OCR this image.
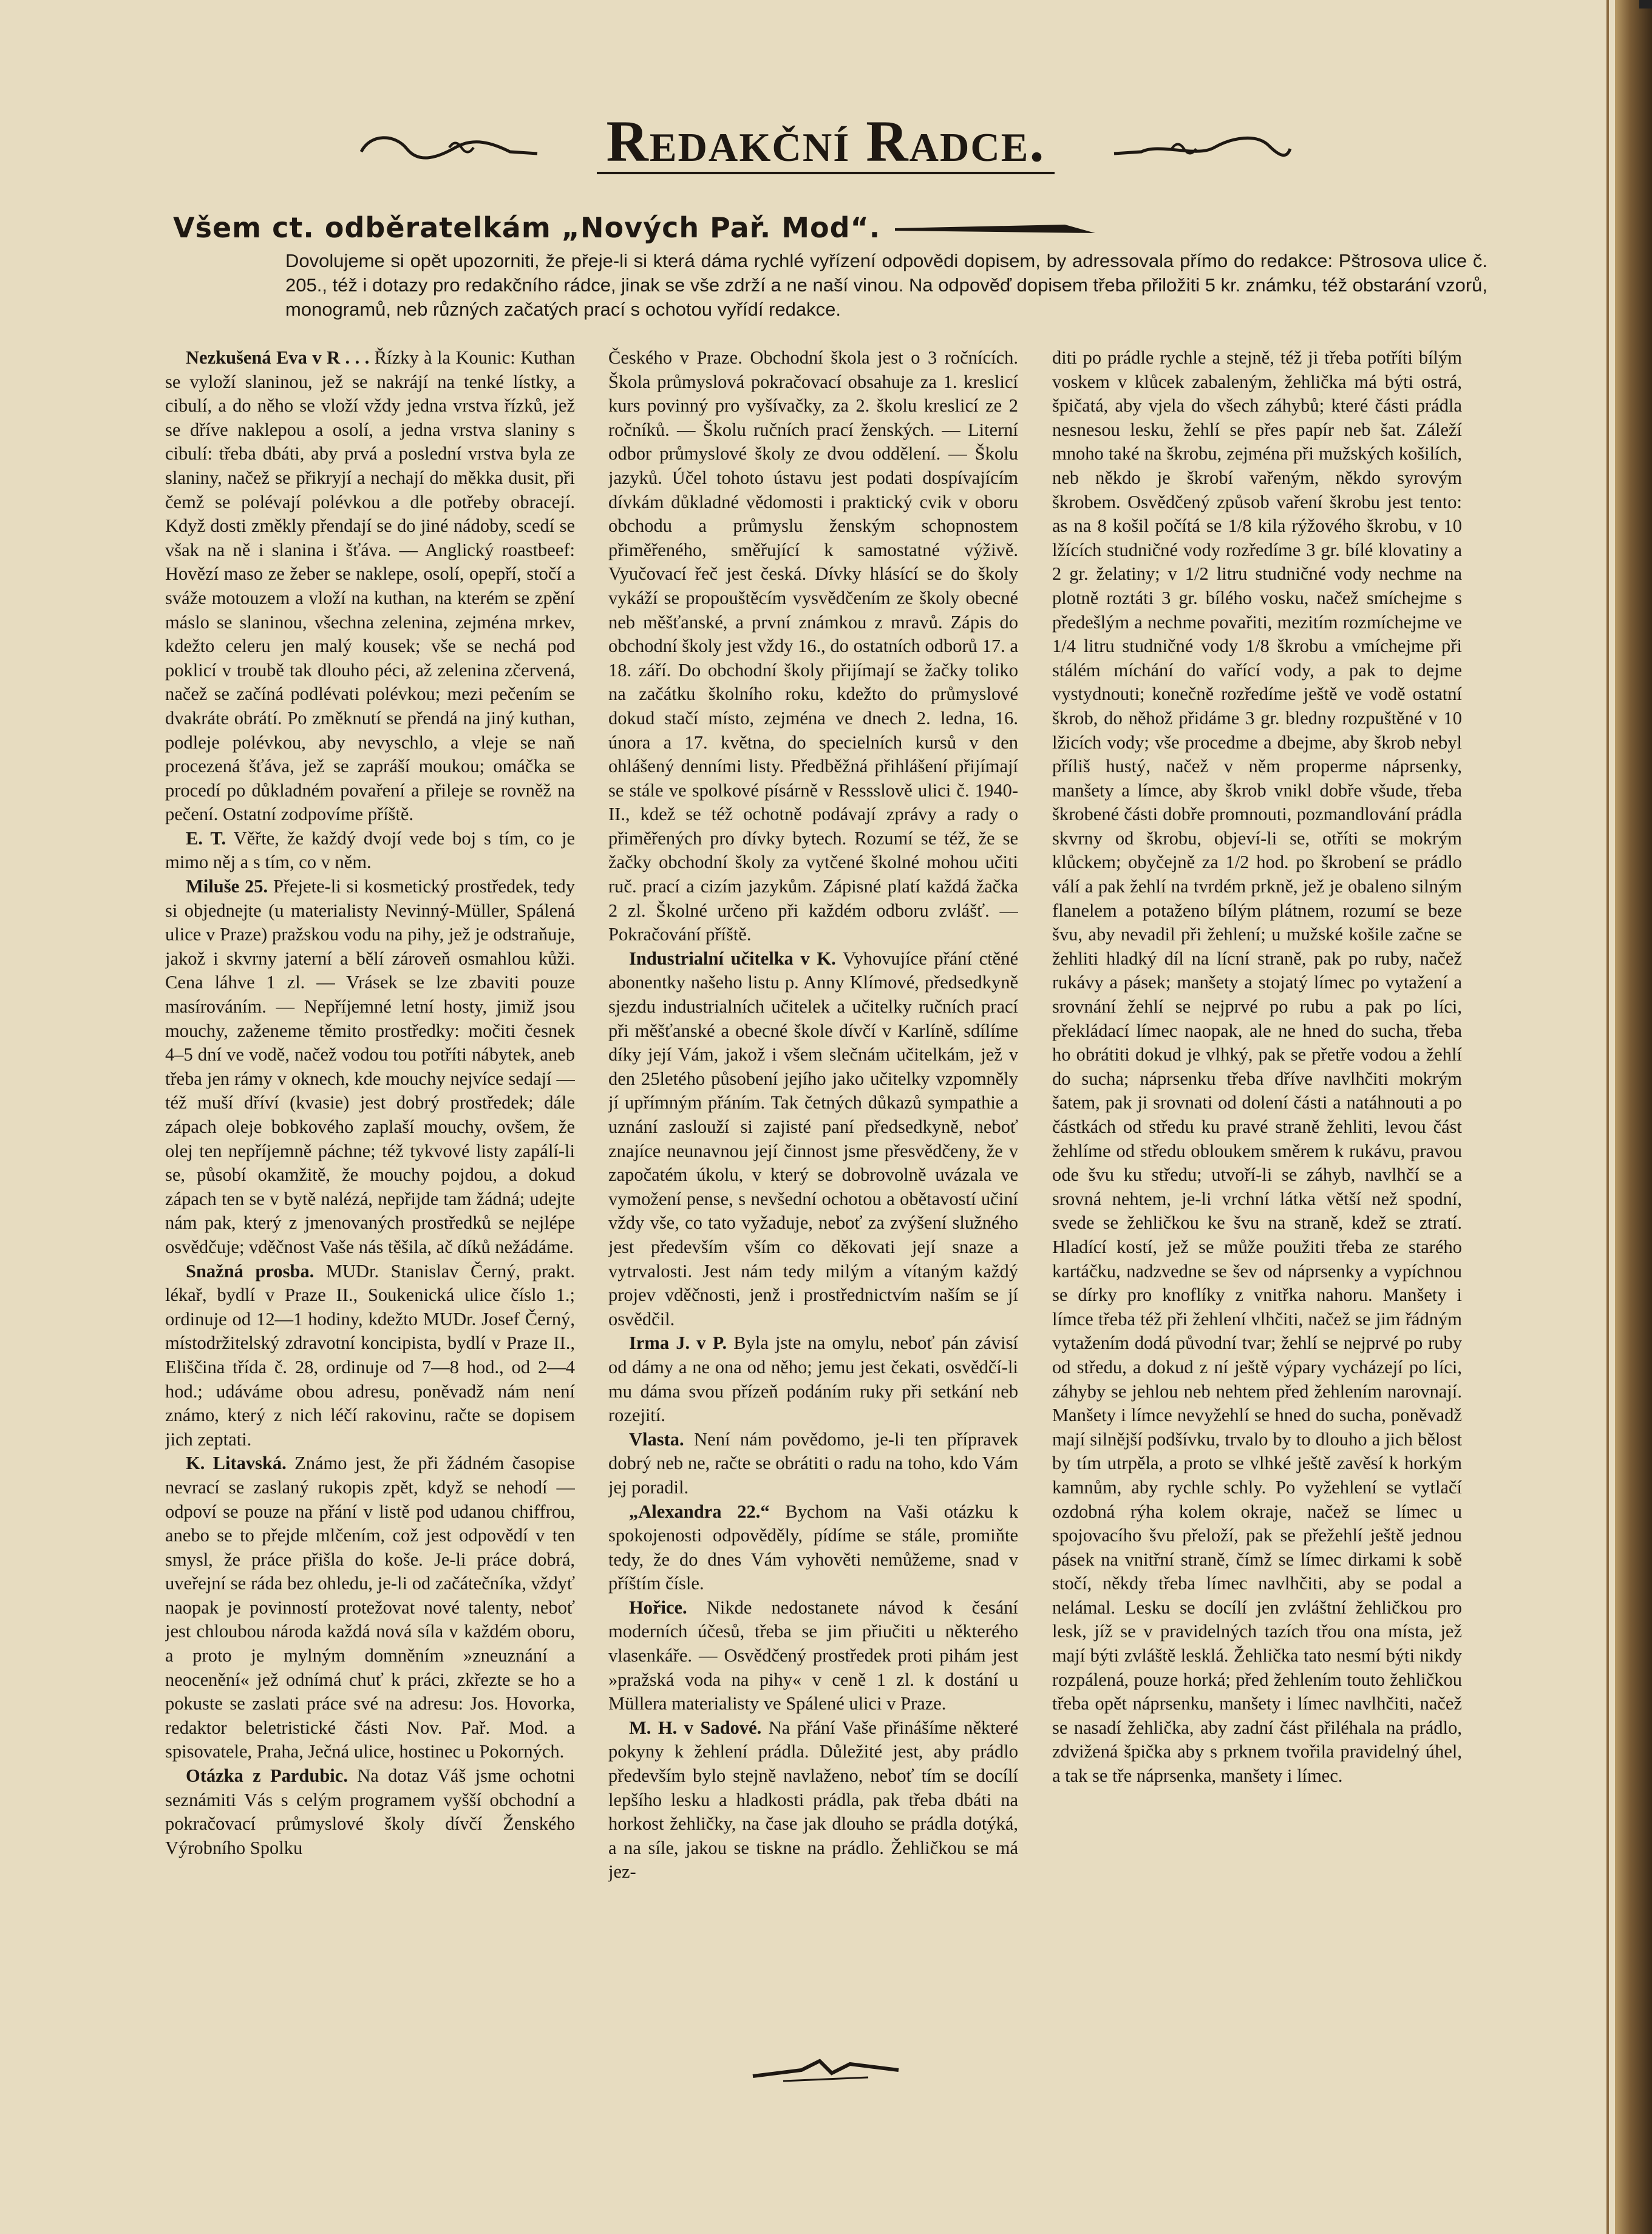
Redakční Radce.
Všem ct. odběratelkám „Nových Pař. Mod“.

Dovolujeme si opět upozorniti, že přeje-li si která dáma rychlé vyřízení odpovědi dopisem, by adressovala přímo do redakce: Pštrosova ulice č. 205., též i dotazy pro redakčního rádce, jinak se vše zdrží a ne naší vinou. Na odpověď dopisem třeba přiložiti 5 kr. známku, též obstarání vzorů, monogramů, neb různých začatých prací s ochotou vyřídí redakce.

Nezkušená Eva v R . . . Řízky à la Kounic: Kuthan se vyloží slaninou, jež se nakrájí na tenké lístky, a cibulí, a do něho se vloží vždy jedna vrstva řízků, jež se dříve naklepou a osolí, a jedna vrstva slaniny s cibulí: třeba dbáti, aby prvá a poslední vrstva byla ze slaniny, načež se přikryjí a nechají do měkka dusit, při čemž se polévají polévkou a dle potřeby obracejí. Když dosti změkly přendají se do jiné nádoby, scedí se však na ně i slanina i šťáva. — Anglický roastbeef: Hovězí maso ze žeber se naklepe, osolí, opepří, stočí a sváže motouzem a vloží na kuthan, na kterém se zpění máslo se slaninou, všechna zelenina, zejména mrkev, kdežto celeru jen malý kousek; vše se nechá pod poklicí v troubě tak dlouho péci, až zelenina zčervená, načež se začíná podlévati polévkou; mezi pečením se dvakráte obrátí. Po změknutí se přendá na jiný kuthan, podleje polévkou, aby nevyschlo, a vleje se naň procezená šťáva, jež se zapráší moukou; omáčka se procedí po důkladném povaření a přileje se rovněž na pečení. Ostatní zodpovíme příště.

E. T. Věřte, že každý dvojí vede boj s tím, co je mimo něj a s tím, co v něm.

Miluše 25. Přejete-li si kosmetický prostředek, tedy si objednejte (u materialisty Nevinný-Müller, Spálená ulice v Praze) pražskou vodu na pihy, jež je odstraňuje, jakož i skvrny jaterní a bělí zároveň osmahlou kůži. Cena láhve 1 zl. — Vrásek se lze zbaviti pouze masírováním. — Nepříjemné letní hosty, jimiž jsou mouchy, zaženeme těmito prostředky: močiti česnek 4–5 dní ve vodě, načež vodou tou potříti nábytek, aneb třeba jen rámy v oknech, kde mouchy nejvíce sedají — též muší dříví (kvasie) jest dobrý prostředek; dále zápach oleje bobkového zaplaší mouchy, ovšem, že olej ten nepříjemně páchne; též tykvové listy zapálí-li se, působí okamžitě, že mouchy pojdou, a dokud zápach ten se v bytě nalézá, nepřijde tam žádná; udejte nám pak, který z jmenovaných prostředků se nejlépe osvědčuje; vděčnost Vaše nás těšila, ač díků nežádáme.

Snažná prosba. MUDr. Stanislav Černý, prakt. lékař, bydlí v Praze II., Soukenická ulice číslo 1.; ordinuje od 12—1 hodiny, kdežto MUDr. Josef Černý, místodržitelský zdravotní koncipista, bydlí v Praze II., Eliščina třída č. 28, ordinuje od 7—8 hod., od 2—4 hod.; udáváme obou adresu, poněvadž nám není známo, který z nich léčí rakovinu, račte se dopisem jich zeptati.

K. Litavská. Známo jest, že při žádném časopise nevrací se zaslaný rukopis zpět, když se nehodí — odpoví se pouze na přání v listě pod udanou chiffrou, anebo se to přejde mlčením, což jest odpovědí v ten smysl, že práce přišla do koše. Je-li práce dobrá, uveřejní se ráda bez ohledu, je-li od začátečníka, vždyť naopak je povinností protežovat nové talenty, neboť jest chloubou národa každá nová síla v každém oboru, a proto je mylným domněním »zneuznání a neocenění« jež odnímá chuť k práci, zkřezte se ho a pokuste se zaslati práce své na adresu: Jos. Hovorka, redaktor beletristické části Nov. Pař. Mod. a spisovatele, Praha, Ječná ulice, hostinec u Pokorných.

Otázka z Pardubic. Na dotaz Váš jsme ochotni seznámiti Vás s celým programem vyšší obchodní a pokračovací průmyslové školy dívčí Ženského Výrobního Spolku

Českého v Praze. Obchodní škola jest o 3 ročnících. Škola průmyslová pokračovací obsahuje za 1. kreslicí kurs povinný pro vyšívačky, za 2. školu kreslicí ze 2 ročníků. — Školu ručních prací ženských. — Literní odbor průmyslové školy ze dvou oddělení. — Školu jazyků. Účel tohoto ústavu jest podati dospívajícím dívkám důkladné vědomosti i praktický cvik v oboru obchodu a průmyslu ženským schopnostem přiměřeného, směřující k samostatné výživě. Vyučovací řeč jest česká. Dívky hlásící se do školy vykáží se propouštěcím vysvědčením ze školy obecné neb měšťanské, a první známkou z mravů. Zápis do obchodní školy jest vždy 16., do ostatních odborů 17. a 18. září. Do obchodní školy přijímají se žačky toliko na začátku školního roku, kdežto do průmyslové dokud stačí místo, zejména ve dnech 2. ledna, 16. února a 17. května, do specielních kursů v den ohlášený denními listy. Předběžná přihlášení přijímají se stále ve spolkové písárně v Ressslově ulici č. 1940-II., kdež se též ochotně podávají zprávy a rady o přiměřených pro dívky bytech. Rozumí se též, že se žačky obchodní školy za vytčené školné mohou učiti ruč. prací a cizím jazykům. Zápisné platí každá žačka 2 zl. Školné určeno při každém odboru zvlášť. — Pokračování příště.

Industrialní učitelka v K. Vyhovujíce přání ctěné abonentky našeho listu p. Anny Klímové, předsedkyně sjezdu industrialních učitelek a učitelky ručních prací při měšťanské a obecné škole dívčí v Karlíně, sdílíme díky její Vám, jakož i všem slečnám učitelkám, jež v den 25letého působení jejího jako učitelky vzpomněly jí upřímným přáním. Tak četných důkazů sympathie a uznání zaslouží si zajisté paní předsedkyně, neboť znajíce neunavnou její činnost jsme přesvědčeny, že v započatém úkolu, v který se dobrovolně uvázala ve vymožení pense, s nevšední ochotou a obětavostí učiní vždy vše, co tato vyžaduje, neboť za zvýšení služného jest především vším co děkovati její snaze a vytrvalosti. Jest nám tedy milým a vítaným každý projev vděčnosti, jenž i prostřednictvím naším se jí osvědčil.

Irma J. v P. Byla jste na omylu, neboť pán závisí od dámy a ne ona od něho; jemu jest čekati, osvědčí-li mu dáma svou přízeň podáním ruky při setkání neb rozejití.

Vlasta. Není nám povědomo, je-li ten přípravek dobrý neb ne, račte se obrátiti o radu na toho, kdo Vám jej poradil.

„Alexandra 22.“ Bychom na Vaši otázku k spokojenosti odpověděly, pídíme se stále, promiňte tedy, že do dnes Vám vyhověti nemůžeme, snad v příštím čísle.

Hořice. Nikde nedostanete návod k česání moderních účesů, třeba se jim přiučiti u některého vlasenkáře. — Osvědčený prostředek proti pihám jest »pražská voda na pihy« v ceně 1 zl. k dostání u Müllera materialisty ve Spálené ulici v Praze.

M. H. v Sadové. Na přání Vaše přinášíme některé pokyny k žehlení prádla. Důležité jest, aby prádlo především bylo stejně navlaženo, neboť tím se docílí lepšího lesku a hladkosti prádla, pak třeba dbáti na horkost žehličky, na čase jak dlouho se prádla dotýká, a na síle, jakou se tiskne na prádlo. Žehličkou se má jez-

diti po prádle rychle a stejně, též ji třeba potříti bílým voskem v klůcek zabaleným, žehlička má býti ostrá, špičatá, aby vjela do všech záhybů; které části prádla nesnesou lesku, žehlí se přes papír neb šat. Záleží mnoho také na škrobu, zejména při mužských košilích, neb někdo je škrobí vařeným, někdo syrovým škrobem. Osvědčený způsob vaření škrobu jest tento: as na 8 košil počítá se 1/8 kila rýžového škrobu, v 10 lžících studničné vody rozředíme 3 gr. bílé klovatiny a 2 gr. želatiny; v 1/2 litru studničné vody nechme na plotně roztáti 3 gr. bílého vosku, načež smíchejme s předešlým a nechme povařiti, mezitím rozmíchejme ve 1/4 litru studničné vody 1/8 škrobu a vmíchejme při stálém míchání do vařící vody, a pak to dejme vystydnouti; konečně rozředíme ještě ve vodě ostatní škrob, do něhož přidáme 3 gr. bledny rozpuštěné v 10 lžicích vody; vše procedme a dbejme, aby škrob nebyl příliš hustý, načež v něm properme náprsenky, manšety a límce, aby škrob vnikl dobře všude, třeba škrobené části dobře promnouti, pozmandlování prádla skvrny od škrobu, objeví-li se, otříti se mokrým klůckem; obyčejně za 1/2 hod. po škrobení se prádlo válí a pak žehlí na tvrdém prkně, jež je obaleno silným flanelem a potaženo bílým plátnem, rozumí se beze švu, aby nevadil při žehlení; u mužské košile začne se žehliti hladký díl na lícní straně, pak po ruby, načež rukávy a pásek; manšety a stojatý límec po vytažení a srovnání žehlí se nejprvé po rubu a pak po líci, překládací límec naopak, ale ne hned do sucha, třeba ho obrátiti dokud je vlhký, pak se přetře vodou a žehlí do sucha; náprsenku třeba dříve navlhčiti mokrým šatem, pak ji srovnati od dolení části a natáhnouti a po částkách od středu ku pravé straně žehliti, levou část žehlíme od středu obloukem směrem k rukávu, pravou ode švu ku středu; utvoří-li se záhyb, navlhčí se a srovná nehtem, je-li vrchní látka větší než spodní, svede se žehličkou ke švu na straně, kdež se ztratí. Hladící kostí, jež se může použiti třeba ze starého kartáčku, nadzvedne se šev od náprsenky a vypíchnou se dírky pro knoflíky z vnitřka nahoru. Manšety i límce třeba též při žehlení vlhčiti, načež se jim řádným vytažením dodá původní tvar; žehlí se nejprvé po ruby od středu, a dokud z ní ještě výpary vycházejí po líci, záhyby se jehlou neb nehtem před žehlením narovnají. Manšety i límce nevyžehlí se hned do sucha, poněvadž mají silnější podšívku, trvalo by to dlouho a jich bělost by tím utrpěla, a proto se vlhké ještě zavěsí k horkým kamnům, aby rychle schly. Po vyžehlení se vytlačí ozdobná rýha kolem okraje, načež se límec u spojovacího švu přeloží, pak se přežehlí ještě jednou pásek na vnitřní straně, čímž se límec dirkami k sobě stočí, někdy třeba límec navlhčiti, aby se podal a nelámal. Lesku se docílí jen zvláštní žehličkou pro lesk, jíž se v pravidelných tazích třou ona místa, jež mají býti zvláště lesklá. Žehlička tato nesmí býti nikdy rozpálená, pouze horká; před žehlením touto žehličkou třeba opět náprsenku, manšety i límec navlhčiti, načež se nasadí žehlička, aby zadní část přiléhala na prádlo, zdvižená špička aby s prknem tvořila pravidelný úhel, a tak se tře náprsenka, manšety i límec.
